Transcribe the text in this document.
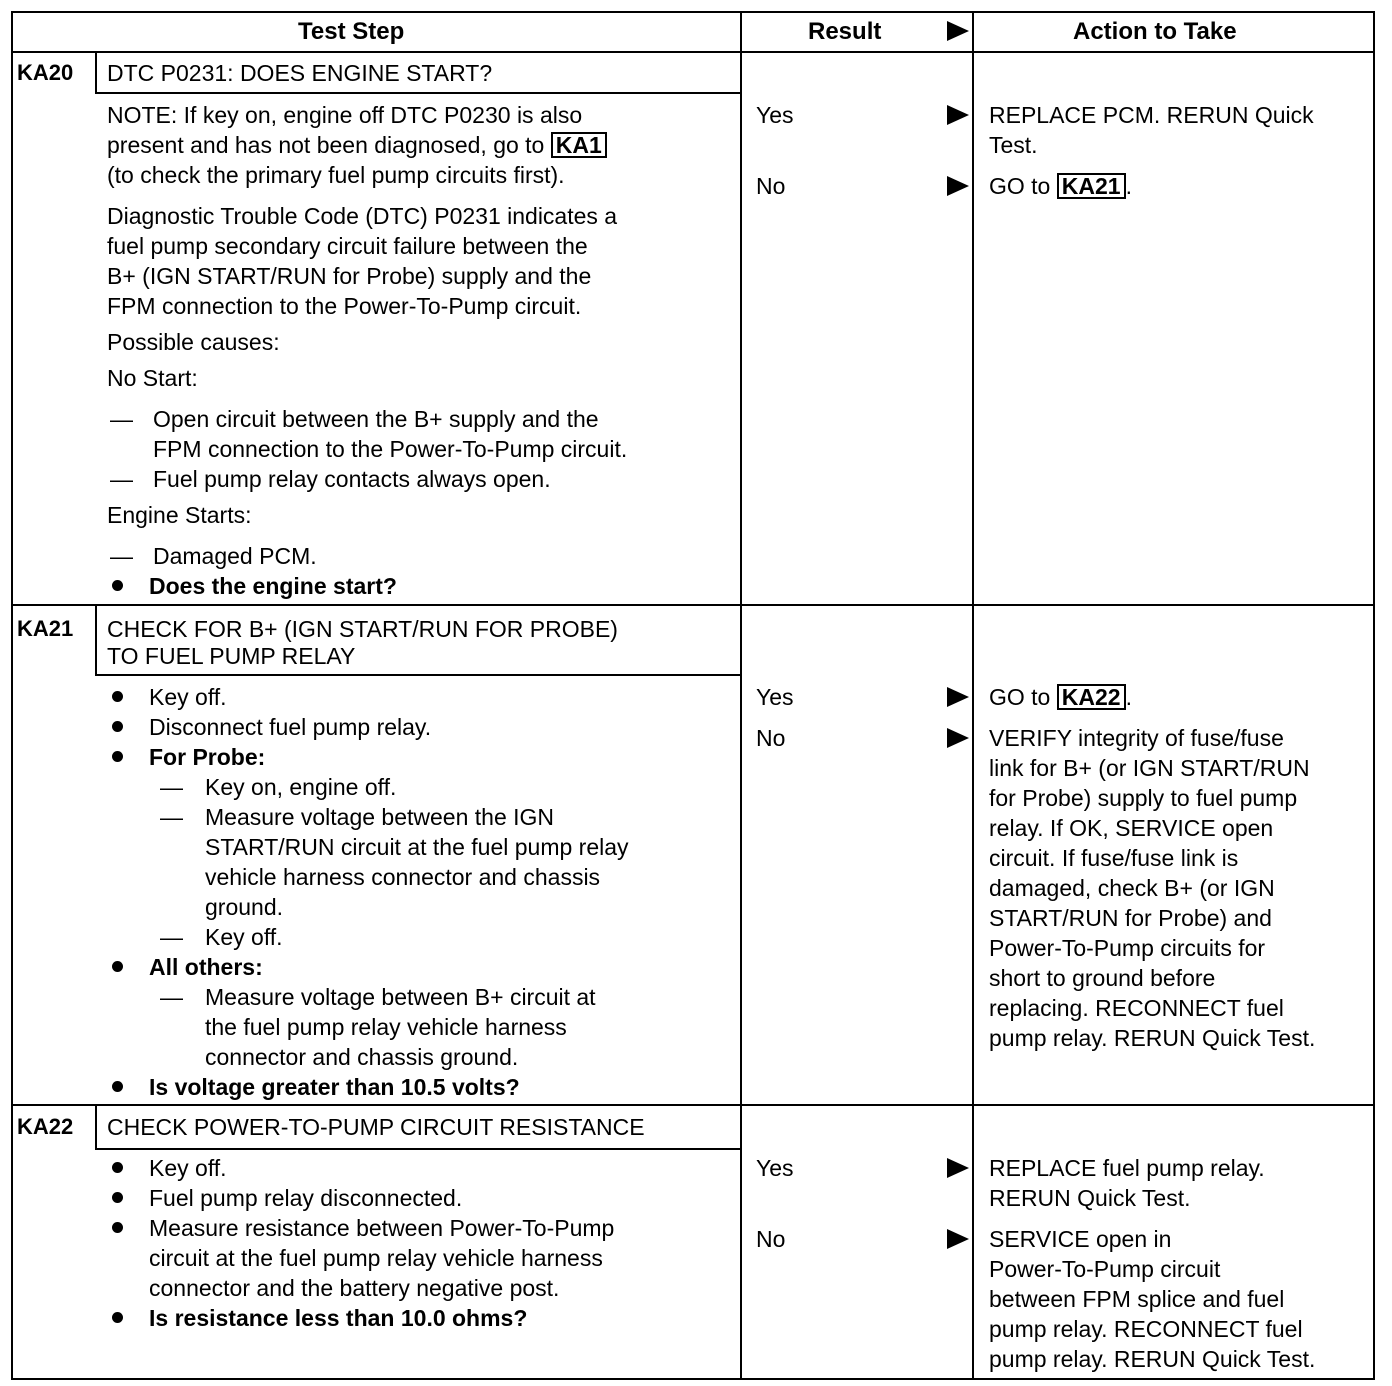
Test Step	Result	Action to Take
KA20 DTC P0231: DOES ENGINE START?
NOTE: If key on, engine off DTC P0230 is also
present and has not been diagnosed, go to KA1
(to check the primary fuel pump circuits first).
Diagnostic Trouble Code (DTC) P0231 indicates a
fuel pump secondary circuit failure between the
B+ (IGN START/RUN for Probe) supply and the
FPM connection to the Power-To-Pump circuit.
Possible causes:
No Start:
— Open circuit between the B+ supply and the
FPM connection to the Power-To-Pump circuit.
— Fuel pump relay contacts always open.
Engine Starts:
— Damaged PCM.
Does the engine start?
Yes	REPLACE PCM. RERUN Quick
Test.
No	GO to KA21 .
KA21 CHECK FOR B+ (IGN START/RUN FOR PROBE)
TO FUEL PUMP RELAY
Key off.
Disconnect fuel pump relay.
For Probe:
— Key on, engine off.
— Measure voltage between the IGN
START/RUN circuit at the fuel pump relay
vehicle harness connector and chassis
ground.
— Key off.
All others:
— Measure voltage between B+ circuit at
the fuel pump relay vehicle harness
connector and chassis ground.
Is voltage greater than 10.5 volts?
Yes	GO to KA22 .
No	VERIFY integrity of fuse/fuse
link for B+ (or IGN START/RUN
for Probe) supply to fuel pump
relay. If OK, SERVICE open
circuit. If fuse/fuse link is
damaged, check B+ (or IGN
START/RUN for Probe) and
Power-To-Pump circuits for
short to ground before
replacing. RECONNECT fuel
pump relay. RERUN Quick Test.
KA22 CHECK POWER-TO-PUMP CIRCUIT RESISTANCE
Key off.
Fuel pump relay disconnected.
Measure resistance between Power-To-Pump
circuit at the fuel pump relay vehicle harness
connector and the battery negative post.
Is resistance less than 10.0 ohms?
Yes	REPLACE fuel pump relay.
RERUN Quick Test.
No	SERVICE open in
Power-To-Pump circuit
between FPM splice and fuel
pump relay. RECONNECT fuel
pump relay. RERUN Quick Test.
